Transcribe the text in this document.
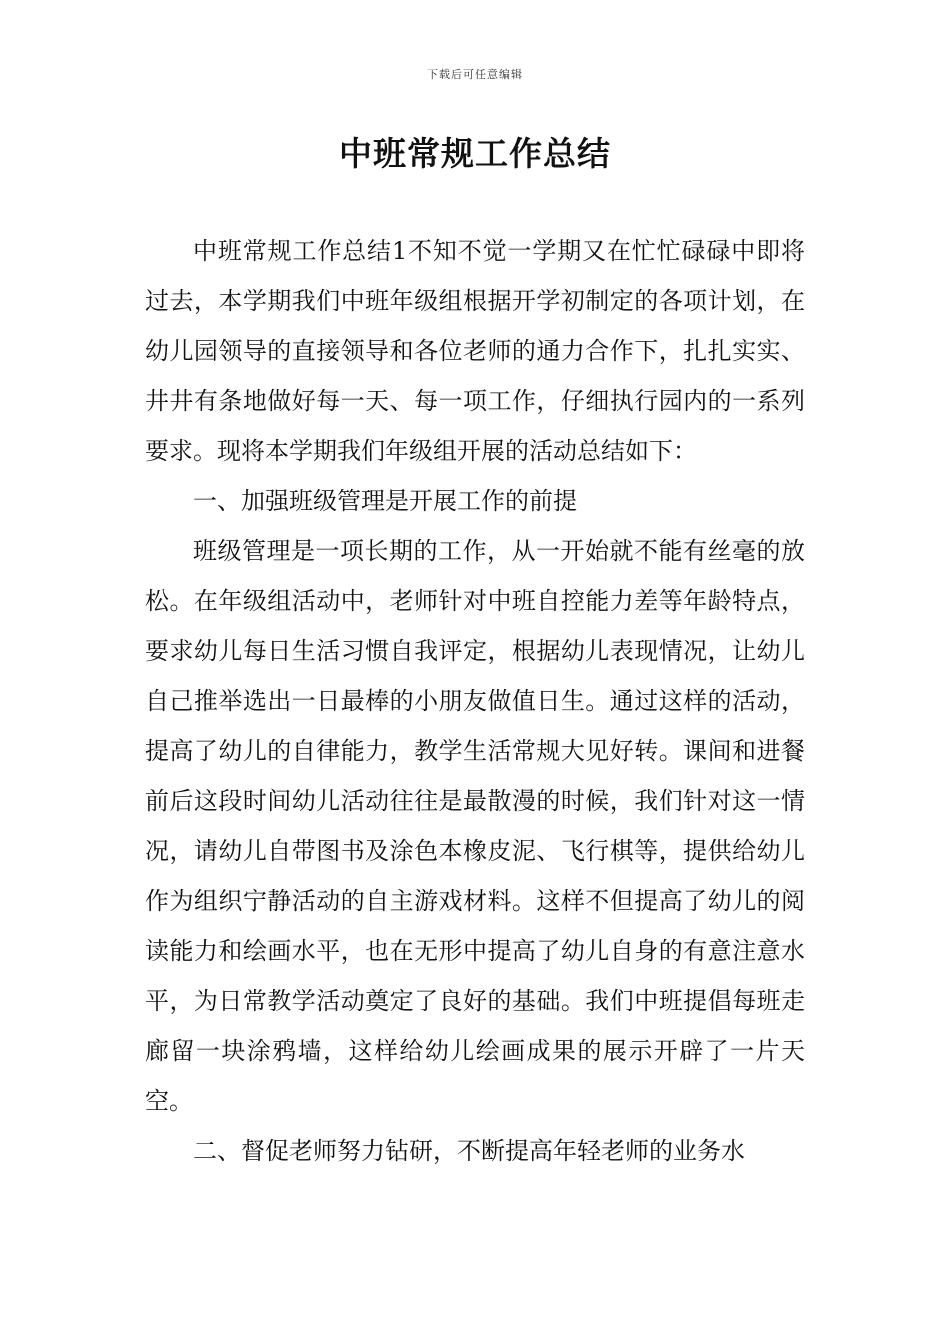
下载后可任意编辑
中班常规工作总结

中班常规工作总结1不知不觉一学期又在忙忙碌碌中即将过去，本学期我们中班年级组根据开学初制定的各项计划，在幼儿园领导的直接领导和各位老师的通力合作下，扎扎实实、井井有条地做好每一天、每一项工作，仔细执行园内的一系列要求。现将本学期我们年级组开展的活动总结如下：

一、加强班级管理是开展工作的前提

班级管理是一项长期的工作，从一开始就不能有丝毫的放松。在年级组活动中，老师针对中班自控能力差等年龄特点，要求幼儿每日生活习惯自我评定，根据幼儿表现情况，让幼儿自己推举选出一日最棒的小朋友做值日生。通过这样的活动，提高了幼儿的自律能力，教学生活常规大见好转。课间和进餐前后这段时间幼儿活动往往是最散漫的时候，我们针对这一情况，请幼儿自带图书及涂色本橡皮泥、飞行棋等，提供给幼儿作为组织宁静活动的自主游戏材料。这样不但提高了幼儿的阅读能力和绘画水平，也在无形中提高了幼儿自身的有意注意水平，为日常教学活动奠定了良好的基础。我们中班提倡每班走廊留一块涂鸦墙，这样给幼儿绘画成果的展示开辟了一片天空。

二、督促老师努力钻研，不断提高年轻老师的业务水
